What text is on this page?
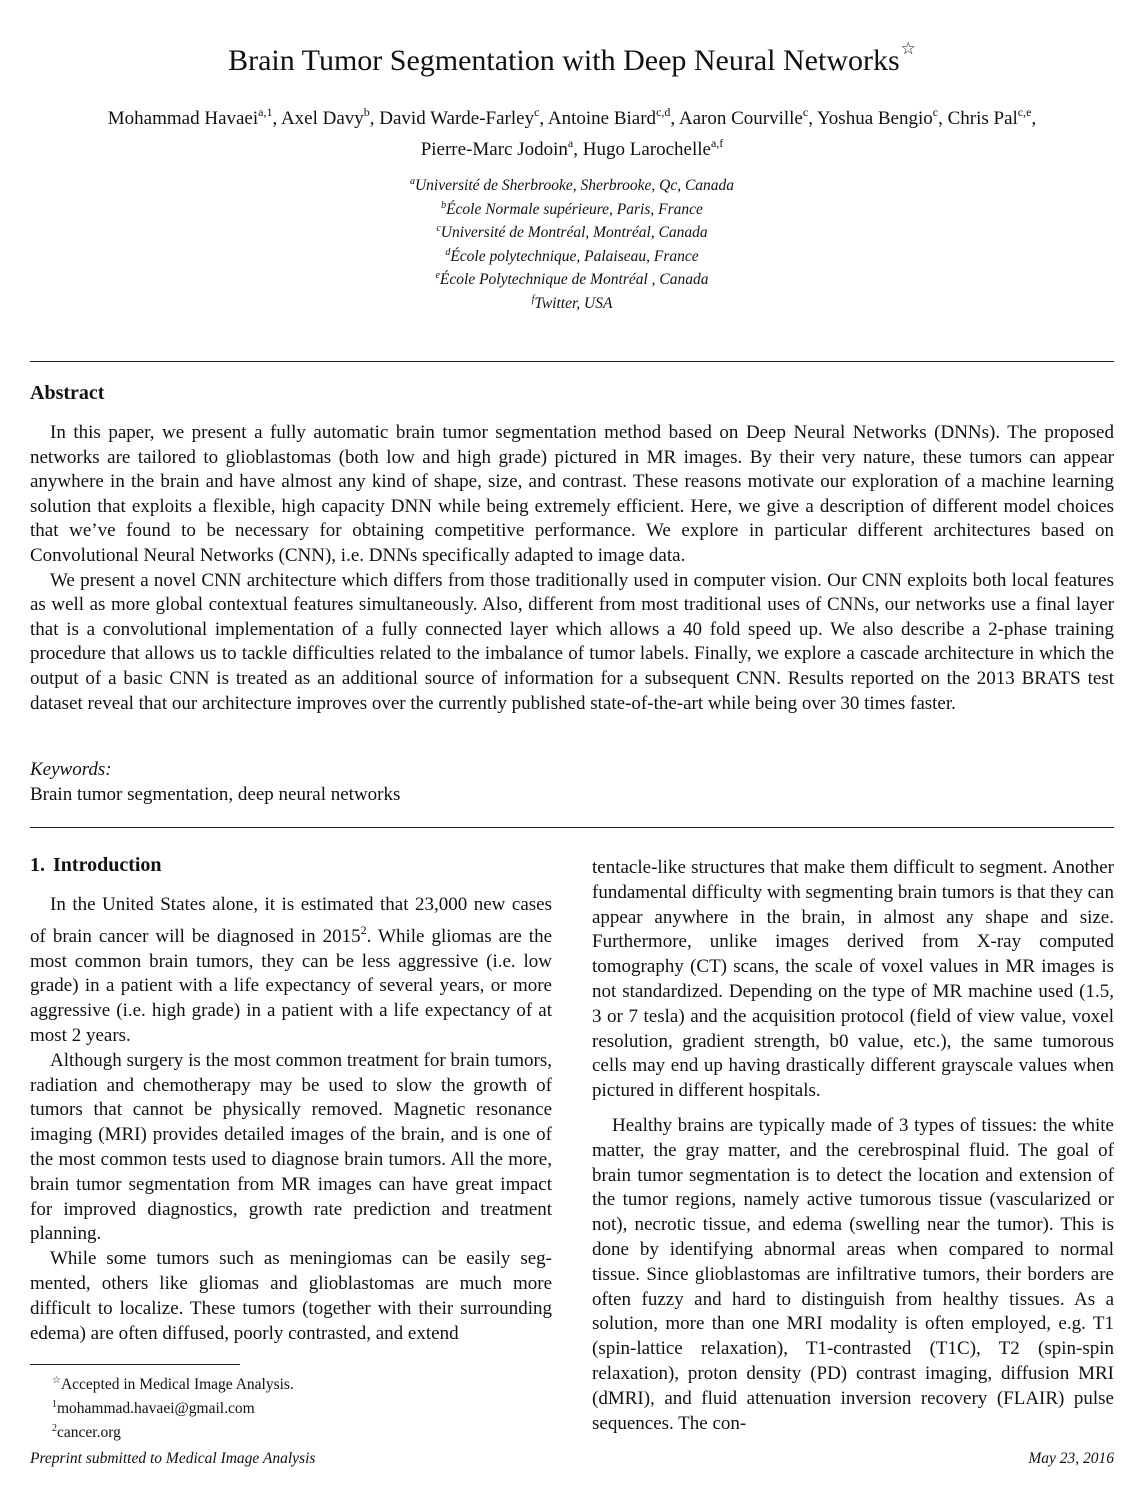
Brain Tumor Segmentation with Deep Neural Networks☆
Mohammad Havaei$^{a,1}$, Axel Davy$^b$, David Warde-Farley$^c$, Antoine Biard$^{c,d}$, Aaron Courville$^c$, Yoshua Bengio$^c$, Chris Pal$^{c,e}$,
Pierre-Marc Jodoin$^a$, Hugo Larochelle$^{a,f}$
$^a$Université de Sherbrooke, Sherbrooke, Qc, Canada
$^b$École Normale supérieure, Paris, France
$^c$Université de Montréal, Montréal, Canada
$^d$École polytechnique, Palaiseau, France
$^e$École Polytechnique de Montréal , Canada
$^f$Twitter, USA
Abstract

In this paper, we present a fully automatic brain tumor segmentation method based on Deep Neural Networks (DNNs). The proposed networks are tailored to glioblastomas (both low and high grade) pictured in MR images. By their very nature, these tumors can appear anywhere in the brain and have almost any kind of shape, size, and contrast. These reasons motivate our exploration of a machine learning solution that exploits a flexible, high capacity DNN while being extremely efficient. Here, we give a description of different model choices that we’ve found to be necessary for obtaining competitive performance. We explore in particular different architectures based on Convolutional Neural Networks (CNN), i.e. DNNs specifically adapted to image data.

We present a novel CNN architecture which differs from those traditionally used in computer vision. Our CNN exploits both local features as well as more global contextual features simultaneously. Also, different from most traditional uses of CNNs, our networks use a final layer that is a convolutional implementation of a fully connected layer which allows a 40 fold speed up. We also describe a 2-phase training procedure that allows us to tackle difficulties related to the imbalance of tumor labels. Finally, we explore a cascade architecture in which the output of a basic CNN is treated as an additional source of information for a subsequent CNN. Results reported on the 2013 BRATS test dataset reveal that our architecture improves over the currently published state-of-the-art while being over 30 times faster.

Keywords:
Brain tumor segmentation, deep neural networks
1. Introduction

In the United States alone, it is estimated that 23,000 new cases of brain cancer will be diagnosed in 2015$^2$. While gliomas are the most common brain tumors, they can be less aggressive (i.e. low grade) in a patient with a life expectancy of several years, or more aggressive (i.e. high grade) in a patient with a life expectancy of at most 2 years.

Although surgery is the most common treatment for brain tumors, radiation and chemotherapy may be used to slow the growth of tumors that cannot be physically removed. Magnetic resonance imaging (MRI) provides detailed images of the brain, and is one of the most common tests used to diagnose brain tumors. All the more, brain tumor segmentation from MR images can have great impact for improved diagnostics, growth rate prediction and treatment planning.

While some tumors such as meningiomas can be easily segmented, others like gliomas and glioblastomas are much more difficult to localize. These tumors (together with their surrounding edema) are often diffused, poorly contrasted, and extend

tentacle-like structures that make them difficult to segment. Another fundamental difficulty with segmenting brain tumors is that they can appear anywhere in the brain, in almost any shape and size. Furthermore, unlike images derived from X-ray computed tomography (CT) scans, the scale of voxel values in MR images is not standardized. Depending on the type of MR machine used (1.5, 3 or 7 tesla) and the acquisition protocol (field of view value, voxel resolution, gradient strength, b0 value, etc.), the same tumorous cells may end up having drastically different grayscale values when pictured in different hospitals.

Healthy brains are typically made of 3 types of tissues: the white matter, the gray matter, and the cerebrospinal fluid. The goal of brain tumor segmentation is to detect the location and extension of the tumor regions, namely active tumorous tissue (vascularized or not), necrotic tissue, and edema (swelling near the tumor). This is done by identifying abnormal areas when compared to normal tissue. Since glioblastomas are infiltrative tumors, their borders are often fuzzy and hard to distinguish from healthy tissues. As a solution, more than one MRI modality is often employed, e.g. T1 (spin-lattice relaxation), T1-contrasted (T1C), T2 (spin-spin relaxation), proton density (PD) contrast imaging, diffusion MRI (dMRI), and fluid attenuation inversion recovery (FLAIR) pulse sequences. The con-

☆Accepted in Medical Image Analysis.
$^1$mohammad.havaei@gmail.com
$^2$cancer.org
Preprint submitted to Medical Image Analysis	May 23, 2016
